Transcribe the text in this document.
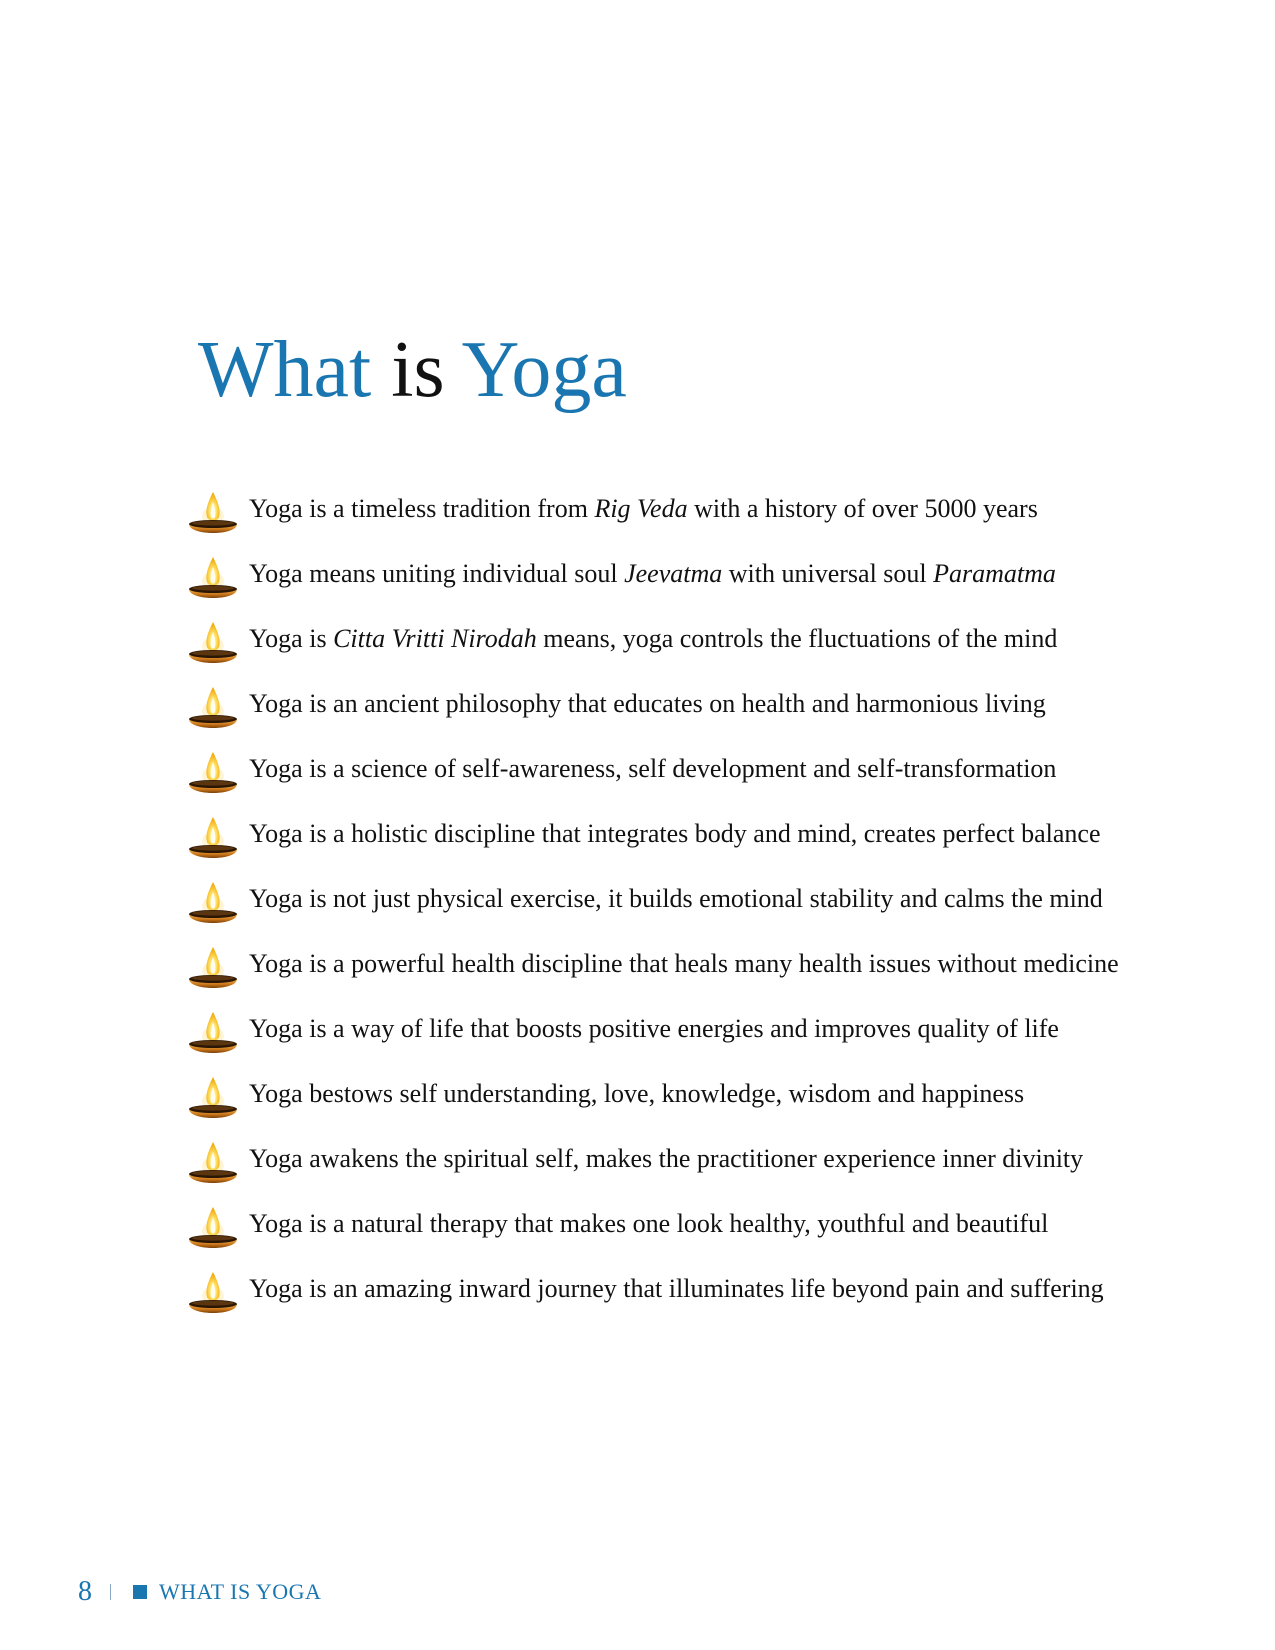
What is Yoga
Yoga is a timeless tradition from Rig Veda with a history of over 5000 years
Yoga means uniting individual soul Jeevatma with universal soul Paramatma
Yoga is Citta Vritti Nirodah means, yoga controls the fluctuations of the mind
Yoga is an ancient philosophy that educates on health and harmonious living
Yoga is a science of self-awareness, self development and self-transformation
Yoga is a holistic discipline that integrates body and mind, creates perfect balance
Yoga is not just physical exercise, it builds emotional stability and calms the mind
Yoga is a powerful health discipline that heals many health issues without medicine
Yoga is a way of life that boosts positive energies and improves quality of life
Yoga bestows self understanding, love, knowledge, wisdom and happiness
Yoga awakens the spiritual self, makes the practitioner experience inner divinity
Yoga is a natural therapy that makes one look healthy, youthful and beautiful
Yoga is an amazing inward journey that illuminates life beyond pain and suffering
8	WHAT IS YOGA
